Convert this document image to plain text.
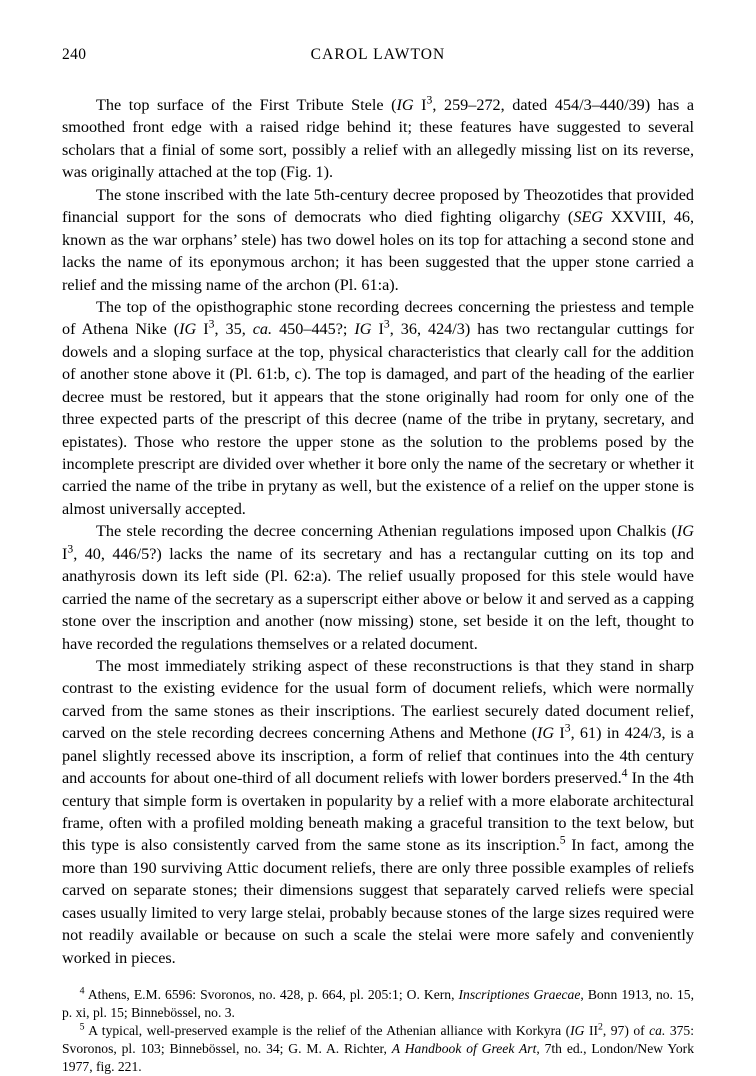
240	CAROL LAWTON

The top surface of the First Tribute Stele (IG $I^3$, 259–272, dated 454/3–440/39) has a smoothed front edge with a raised ridge behind it; these features have suggested to several scholars that a finial of some sort, possibly a relief with an allegedly missing list on its reverse, was originally attached at the top (Fig. 1).

The stone inscribed with the late 5th-century decree proposed by Theozotides that provided financial support for the sons of democrats who died fighting oligarchy (SEG XXVIII, 46, known as the war orphans’ stele) has two dowel holes on its top for attaching a second stone and lacks the name of its eponymous archon; it has been suggested that the upper stone carried a relief and the missing name of the archon (Pl. 61:a).

The top of the opisthographic stone recording decrees concerning the priestess and temple of Athena Nike (IG $I^3$, 35, ca. 450–445?; IG $I^3$, 36, 424/3) has two rectangular cuttings for dowels and a sloping surface at the top, physical characteristics that clearly call for the addition of another stone above it (Pl. 61:b, c). The top is damaged, and part of the heading of the earlier decree must be restored, but it appears that the stone originally had room for only one of the three expected parts of the prescript of this decree (name of the tribe in prytany, secretary, and epistates). Those who restore the upper stone as the solution to the problems posed by the incomplete prescript are divided over whether it bore only the name of the secretary or whether it carried the name of the tribe in prytany as well, but the existence of a relief on the upper stone is almost universally accepted.

The stele recording the decree concerning Athenian regulations imposed upon Chalkis (IG $I^3$, 40, 446/5?) lacks the name of its secretary and has a rectangular cutting on its top and anathyrosis down its left side (Pl. 62:a). The relief usually proposed for this stele would have carried the name of the secretary as a superscript either above or below it and served as a capping stone over the inscription and another (now missing) stone, set beside it on the left, thought to have recorded the regulations themselves or a related document.

The most immediately striking aspect of these reconstructions is that they stand in sharp contrast to the existing evidence for the usual form of document reliefs, which were normally carved from the same stones as their inscriptions. The earliest securely dated document relief, carved on the stele recording decrees concerning Athens and Methone (IG $I^3$, 61) in 424/3, is a panel slightly recessed above its inscription, a form of relief that continues into the 4th century and accounts for about one-third of all document reliefs with lower borders preserved.$^4$ In the 4th century that simple form is overtaken in popularity by a relief with a more elaborate architectural frame, often with a profiled molding beneath making a graceful transition to the text below, but this type is also consistently carved from the same stone as its inscription.$^5$ In fact, among the more than 190 surviving Attic document reliefs, there are only three possible examples of reliefs carved on separate stones; their dimensions suggest that separately carved reliefs were special cases usually limited to very large stelai, probably because stones of the large sizes required were not readily available or because on such a scale the stelai were more safely and conveniently worked in pieces.

$^4$ Athens, E.M. 6596: Svoronos, no. 428, p. 664, pl. 205:1; O. Kern, Inscriptiones Graecae, Bonn 1913, no. 15, p. xi, pl. 15; Binnebössel, no. 3.

$^5$ A typical, well-preserved example is the relief of the Athenian alliance with Korkyra (IG $II^2$, 97) of ca. 375: Svoronos, pl. 103; Binnebössel, no. 34; G. M. A. Richter, A Handbook of Greek Art, 7th ed., London/New York 1977, fig. 221.
